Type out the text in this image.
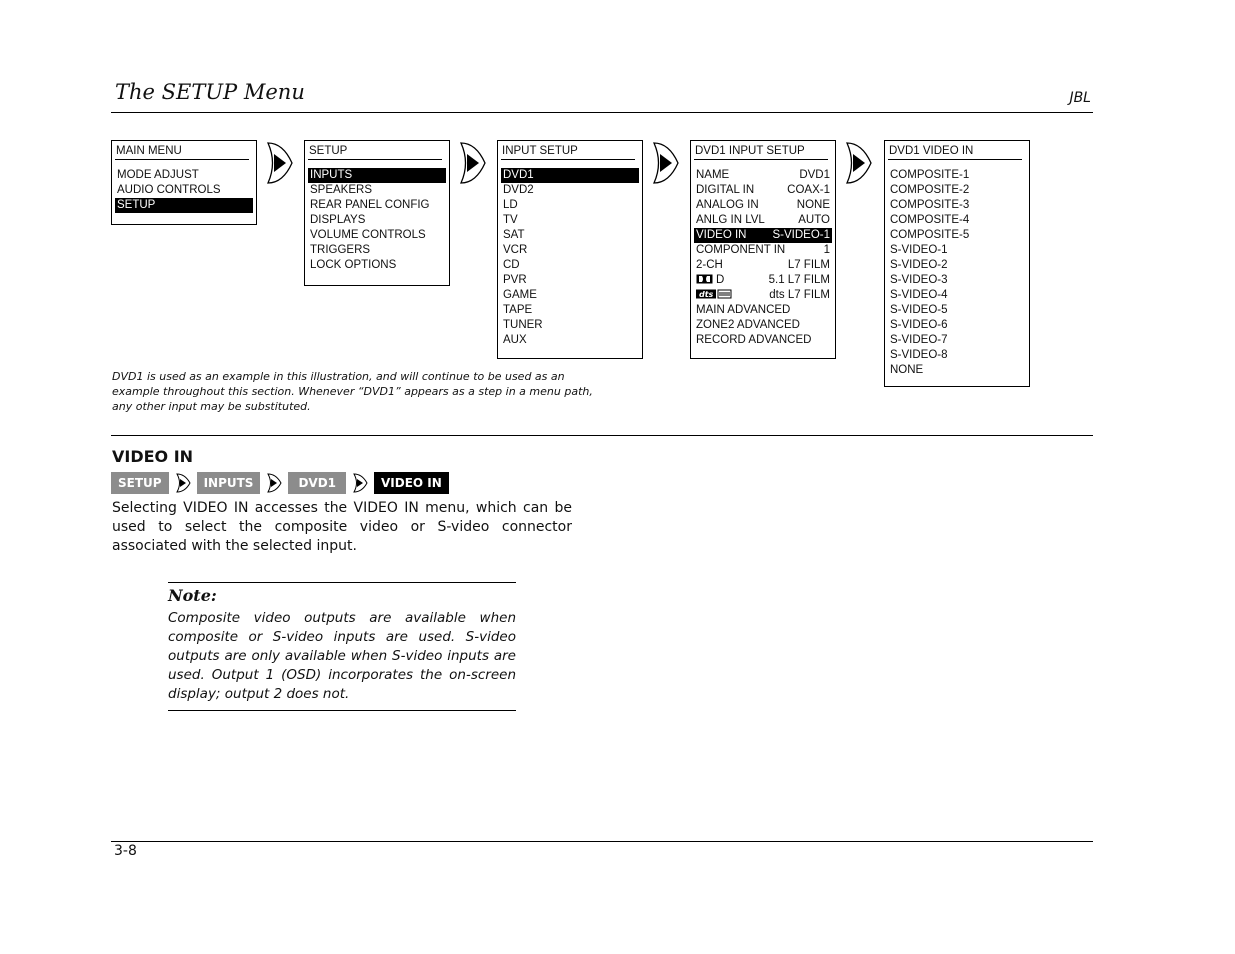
The SETUP Menu	JBL
MAIN MENU
MODE ADJUST
AUDIO CONTROLS
SETUP
SETUP
INPUTS
SPEAKERS
REAR PANEL CONFIG
DISPLAYS
VOLUME CONTROLS
TRIGGERS
LOCK OPTIONS
INPUT SETUP
DVD1
DVD2
LD
TV
SAT
VCR
CD
PVR
GAME
TAPE
TUNER
AUX
DVD1 INPUT SETUP
NAME	DVD1
DIGITAL IN	COAX-1
ANALOG IN	NONE
ANLG IN LVL	AUTO
VIDEO IN S-VIDEO-1
COMPONENT IN	1
2-CH	L7 FILM
D	5.1 L7 FILM
dts	dts L7 FILM
MAIN ADVANCED
ZONE2 ADVANCED
RECORD ADVANCED
DVD1 VIDEO IN
COMPOSITE-1
COMPOSITE-2
COMPOSITE-3
COMPOSITE-4
COMPOSITE-5
S-VIDEO-1
S-VIDEO-2
S-VIDEO-3
S-VIDEO-4
S-VIDEO-5
S-VIDEO-6
S-VIDEO-7
S-VIDEO-8
NONE

DVD1 is used as an example in this illustration, and will continue to be used as an example throughout this section. Whenever “DVD1” appears as a step in a menu path, any other input may be substituted.

VIDEO IN
SETUP	INPUTS	DVD1	VIDEO IN

Selecting VIDEO IN accesses the VIDEO IN menu, which can be used to select the composite video or S-video connector associated with the selected input.

Note:

Composite video outputs are available when composite or S-video inputs are used. S-video outputs are only available when S-video inputs are used. Output 1 (OSD) incorporates the on-screen display; output 2 does not.

3-8
